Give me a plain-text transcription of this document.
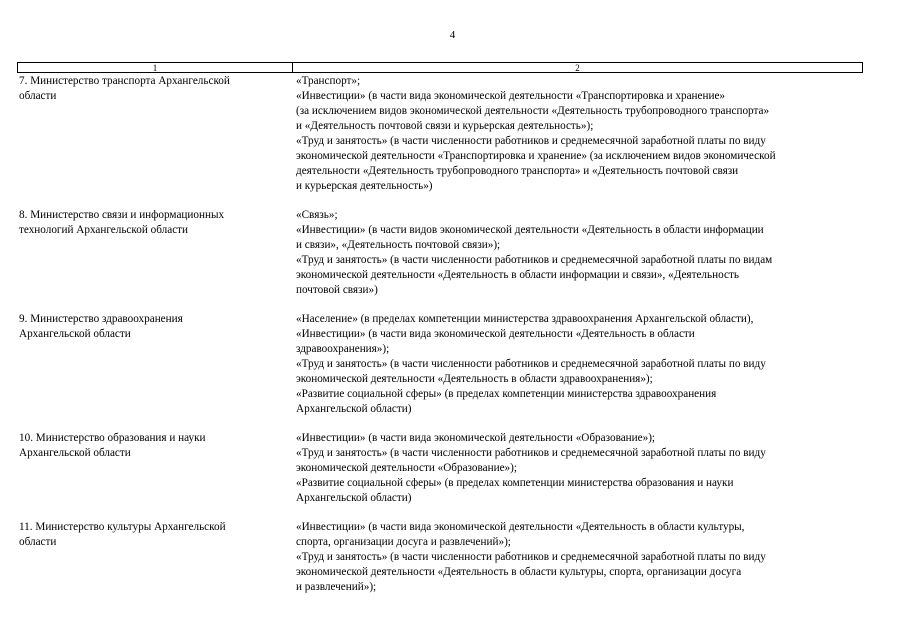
4
1	2
7. Министерство транспорта Архангельской
области
«Транспорт»;
«Инвестиции» (в части вида экономической деятельности «Транспортировка и хранение»
(за исключением видов экономической деятельности «Деятельность трубопроводного транспорта»
и «Деятельность почтовой связи и курьерская деятельность»);
«Труд и занятость» (в части численности работников и среднемесячной заработной платы по виду
экономической деятельности «Транспортировка и хранение» (за исключением видов экономической
деятельности «Деятельность трубопроводного транспорта» и «Деятельность почтовой связи
и курьерская деятельность»)
8. Министерство связи и информационных
технологий Архангельской области
«Связь»;
«Инвестиции» (в части видов экономической деятельности «Деятельность в области информации
и связи», «Деятельность почтовой связи»);
«Труд и занятость» (в части численности работников и среднемесячной заработной платы по видам
экономической деятельности «Деятельность в области информации и связи», «Деятельность
почтовой связи»)
9. Министерство здравоохранения
Архангельской области
«Население» (в пределах компетенции министерства здравоохранения Архангельской области),
«Инвестиции» (в части вида экономической деятельности «Деятельность в области
здравоохранения»);
«Труд и занятость» (в части численности работников и среднемесячной заработной платы по виду
экономической деятельности «Деятельность в области здравоохранения»);
«Развитие социальной сферы» (в пределах компетенции министерства здравоохранения
Архангельской области)
10. Министерство образования и науки
Архангельской области
«Инвестиции» (в части вида экономической деятельности «Образование»);
«Труд и занятость» (в части численности работников и среднемесячной заработной платы по виду
экономической деятельности «Образование»);
«Развитие социальной сферы» (в пределах компетенции министерства образования и науки
Архангельской области)
11. Министерство культуры Архангельской
области
«Инвестиции» (в части вида экономической деятельности «Деятельность в области культуры,
спорта, организации досуга и развлечений»);
«Труд и занятость» (в части численности работников и среднемесячной заработной платы по виду
экономической деятельности «Деятельность в области культуры, спорта, организации досуга
и развлечений»);
